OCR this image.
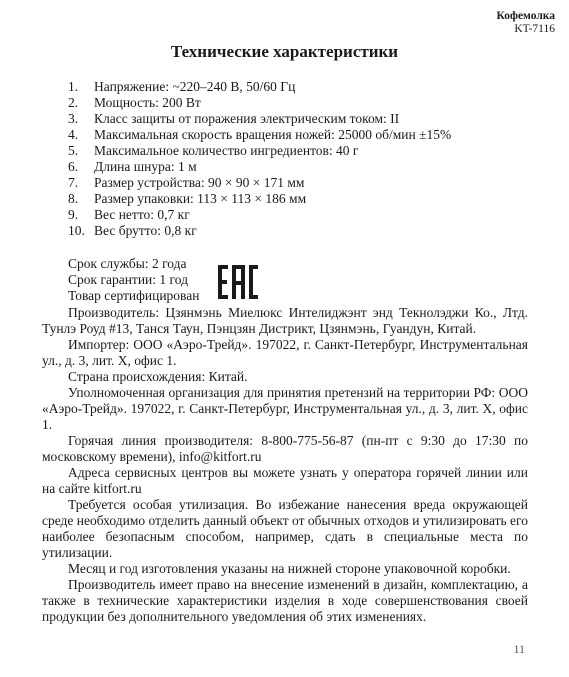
Кофемолка
KT-7116
Технические характеристики
1. Напряжение: ~220–240 В, 50/60 Гц
2. Мощность: 200 Вт
3. Класс защиты от поражения электрическим током: II
4. Максимальная скорость вращения ножей: 25000 об/мин ±15%
5. Максимальное количество ингредиентов: 40 г
6. Длина шнура: 1 м
7. Размер устройства: 90 × 90 × 171 мм
8. Размер упаковки: 113 × 113 × 186 мм
9. Вес нетто: 0,7 кг
10. Вес брутто: 0,8 кг
Срок службы: 2 года
Срок гарантии: 1 год
Товар сертифицирован

Производитель: Цзянмэнь Миелюкс Интелиджэнт энд Текнолэджи Ко., Лтд. Тунлэ Роуд #13, Танся Таун, Пэнцзян Дистрикт, Цзянмэнь, Гуандун, Китай.

Импортер: ООО «Аэро-Трейд». 197022, г. Санкт-Петербург, Инструментальная ул., д. 3, лит. Х, офис 1.

Страна происхождения: Китай.

Уполномоченная организация для принятия претензий на территории РФ: ООО «Аэро-Трейд». 197022, г. Санкт-Петербург, Инструментальная ул., д. 3, лит. Х, офис 1.

Горячая линия производителя: 8-800-775-56-87 (пн-пт с 9:30 до 17:30 по московскому времени), info@kitfort.ru

Адреса сервисных центров вы можете узнать у оператора горячей линии или на сайте kitfort.ru

Требуется особая утилизация. Во избежание нанесения вреда окружающей среде необходимо отделить данный объект от обычных отходов и утилизировать его наиболее безопасным способом, например, сдать в специальные места по утилизации.

Месяц и год изготовления указаны на нижней стороне упаковочной коробки.

Производитель имеет право на внесение изменений в дизайн, комплектацию, а также в технические характеристики изделия в ходе совершенствования своей продукции без дополнительного уведомления об этих изменениях.

11
